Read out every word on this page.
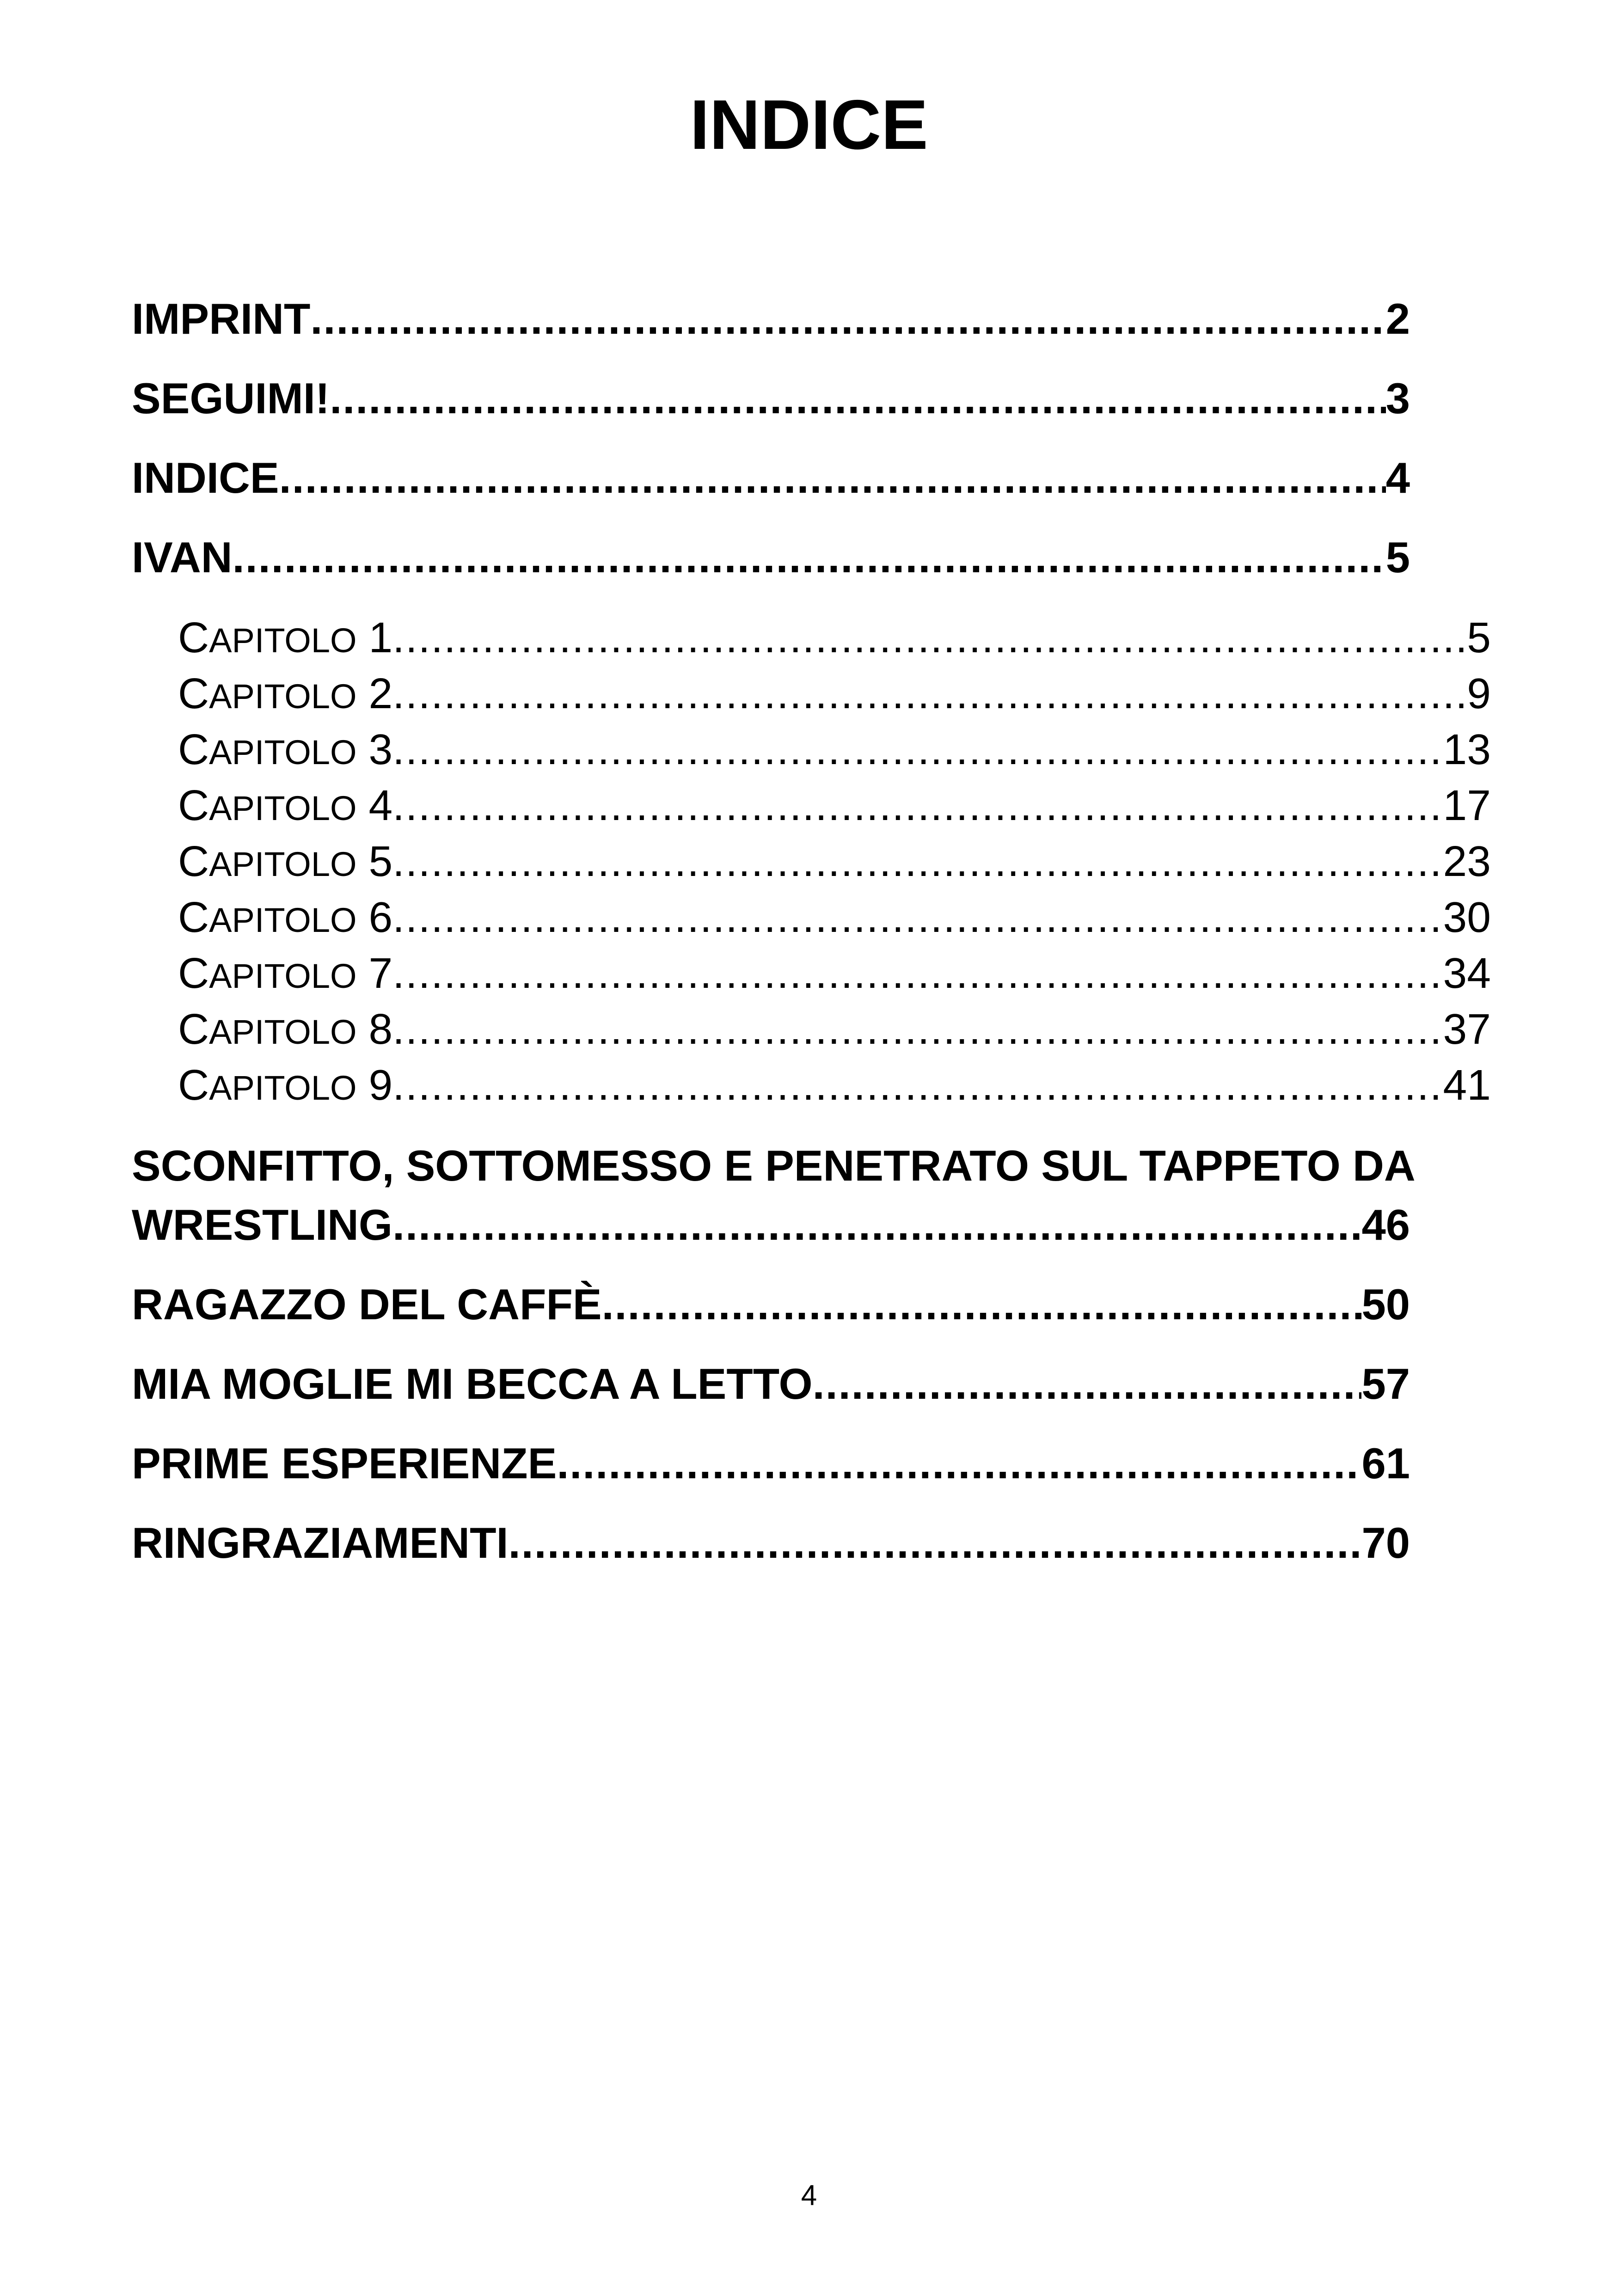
INDICE
IMPRINT .....	2
SEGUIMI! .....	3
INDICE .....	4
IVAN .....	5
CAPITOLO 1 .....	5
CAPITOLO 2 .....	9
CAPITOLO 3 .....	13
CAPITOLO 4 .....	17
CAPITOLO 5 .....	23
CAPITOLO 6 .....	30
CAPITOLO 7 .....	34
CAPITOLO 8 .....	37
CAPITOLO 9 .....	41
SCONFITTO, SOTTOMESSO E PENETRATO SUL TAPPETO DA
WRESTLING .....	46
RAGAZZO DEL CAFFÈ .....	50
MIA MOGLIE MI BECCA A LETTO .....	57
PRIME ESPERIENZE .....	61
RINGRAZIAMENTI .....	70
4
